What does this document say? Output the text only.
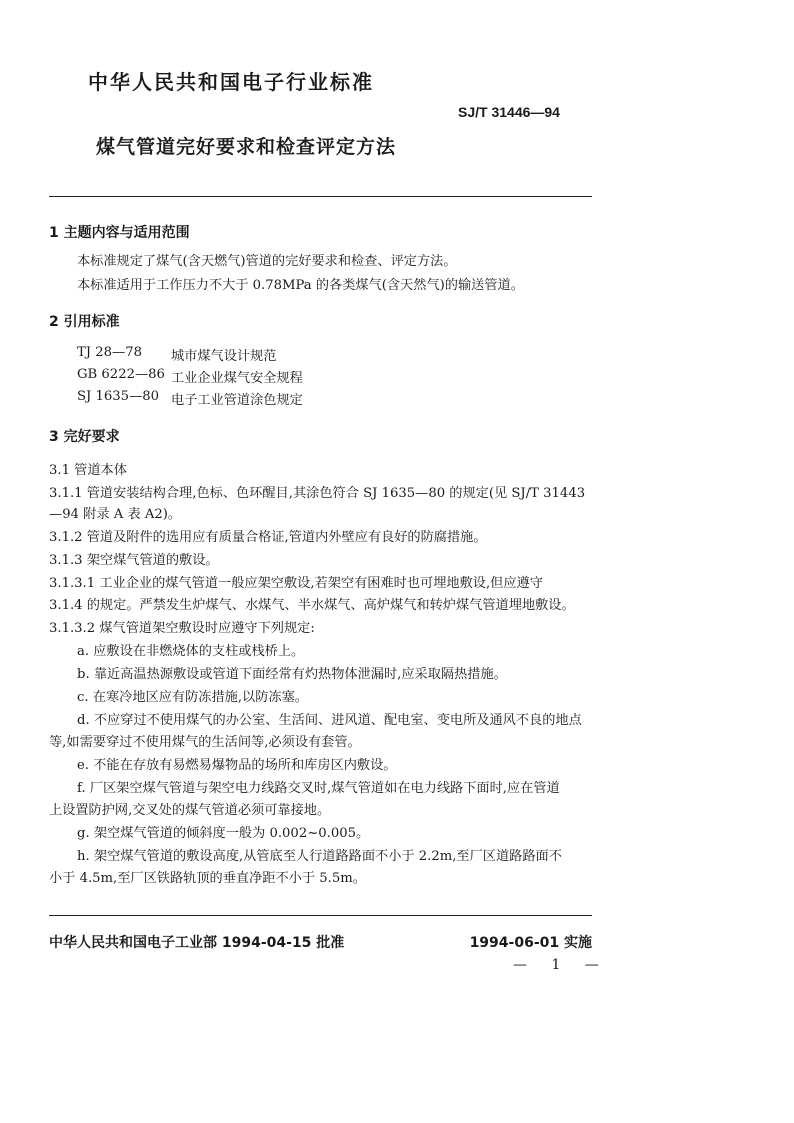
中华人民共和国电子行业标准
SJ/T 31446—94
煤气管道完好要求和检查评定方法
1 主题内容与适用范围
本标准规定了煤气(含天燃气)管道的完好要求和检查、评定方法。
本标准适用于工作压力不大于 0.78MPa 的各类煤气(含天然气)的输送管道。
2 引用标准
TJ 28—78 城市煤气设计规范
GB 6222—86 工业企业煤气安全规程
SJ 1635—80 电子工业管道涂色规定
3 完好要求
3.1 管道本体
3.1.1 管道安装结构合理,色标、色环醒目,其涂色符合 SJ 1635—80 的规定(见 SJ/T 31443
—94 附录 A 表 A2)。
3.1.2 管道及附件的选用应有质量合格证,管道内外壁应有良好的防腐措施。
3.1.3 架空煤气管道的敷设。
3.1.3.1 工业企业的煤气管道一般应架空敷设,若架空有困难时也可埋地敷设,但应遵守
3.1.4 的规定。严禁发生炉煤气、水煤气、半水煤气、高炉煤气和转炉煤气管道埋地敷设。
3.1.3.2 煤气管道架空敷设时应遵守下列规定:
a. 应敷设在非燃烧体的支柱或栈桥上。
b. 靠近高温热源敷设或管道下面经常有灼热物体泄漏时,应采取隔热措施。
c. 在寒冷地区应有防冻措施,以防冻塞。
d. 不应穿过不使用煤气的办公室、生活间、进风道、配电室、变电所及通风不良的地点
等,如需要穿过不使用煤气的生活间等,必须设有套管。
e. 不能在存放有易燃易爆物品的场所和库房区内敷设。
f. 厂区架空煤气管道与架空电力线路交叉时,煤气管道如在电力线路下面时,应在管道
上设置防护网,交叉处的煤气管道必须可靠接地。
g. 架空煤气管道的倾斜度一般为 0.002~0.005。
h. 架空煤气管道的敷设高度,从管底至人行道路路面不小于 2.2m,至厂区道路路面不
小于 4.5m,至厂区铁路轨顶的垂直净距不小于 5.5m。
中华人民共和国电子工业部 1994-04-15 批准	1994-06-01 实施
— 1 —
